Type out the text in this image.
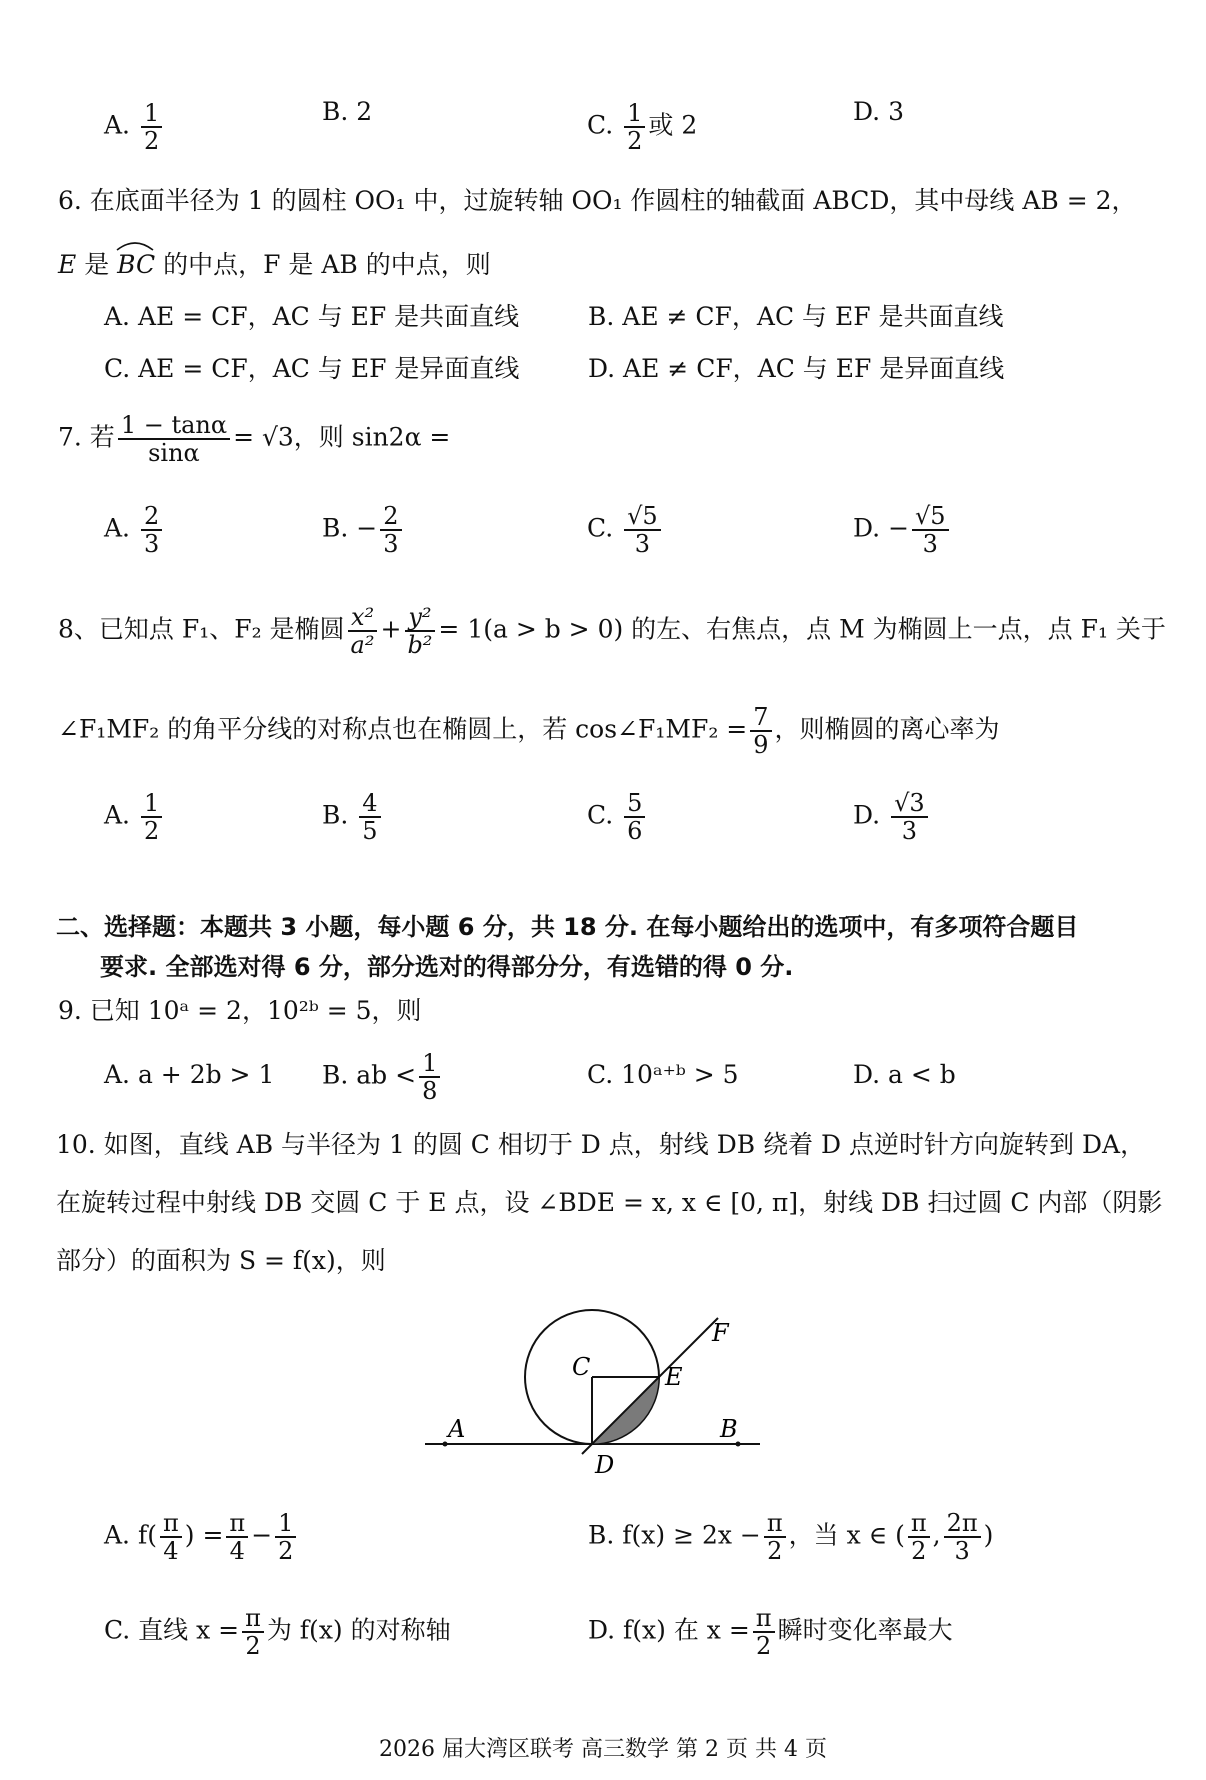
A. $\frac{1}{2}$	B. 2	C. $\frac{1}{2}$ 或 2	D. 3
6. 在底面半径为 1 的圆柱 OO₁ 中，过旋转轴 OO₁ 作圆柱的轴截面 ABCD，其中母线 AB = 2，
E 是 BC 的中点，F 是 AB 的中点，则
A. AE = CF，AC 与 EF 是共面直线	B. AE ≠ CF，AC 与 EF 是共面直线
C. AE = CF，AC 与 EF 是异面直线	D. AE ≠ CF，AC 与 EF 是异面直线
7. 若 $\frac{1 - \tan\alpha}{\sin\alpha} = √3$，则 sin2α =
A. $\frac{2}{3}$	B. − $\frac{2}{3}$	C. $\frac{√5}{3}$	D. − $\frac{√5}{3}$
8、已知点 F₁、F₂ 是椭圆 $\frac{\text{x²}}{\text{a²}} + \frac{\text{y²}}{\text{b²}} = 1(a > b > 0)$ 的左、右焦点，点 M 为椭圆上一点，点 F₁ 关于
∠F₁MF₂ 的角平分线的对称点也在椭圆上，若 cos∠F₁MF₂ = $\frac{7}{9}$ ，则椭圆的离心率为
A. $\frac{1}{2}$	B. $\frac{4}{5}$	C. $\frac{5}{6}$	D. $\frac{√3}{3}$
二、选择题：本题共 3 小题，每小题 6 分，共 18 分. 在每小题给出的选项中，有多项符合题目
要求. 全部选对得 6 分，部分选对的得部分分，有选错的得 0 分.
9. 已知 10ᵃ = 2，10²ᵇ = 5，则
A. a + 2b > 1 B. ab < $\frac{1}{8}$	C. 10ᵃ⁺ᵇ > 5	D. a < b
10. 如图，直线 AB 与半径为 1 的圆 C 相切于 D 点，射线 DB 绕着 D 点逆时针方向旋转到 DA，
在旋转过程中射线 DB 交圆 C 于 E 点，设 ∠BDE = x, x ∈ [0, π]，射线 DB 扫过圆 C 内部（阴影
部分）的面积为 S = f(x)，则
A	B
C
D
E
F
A. $f( \frac{\pi}{4}$ ) = $\frac{\pi}{4} - \frac{1}{2}$	B. $f(x) \ge 2x - \frac{\pi}{2}$ ，当 x ∈ ( $\frac{\pi}{2}$ , $\frac{2\pi}{3}$ )
C. 直线 $x = \frac{\pi}{2}$ 为 f(x) 的对称轴	D. f(x) 在 $x = \frac{\pi}{2}$ 瞬时变化率最大
2026 届大湾区联考 高三数学 第 2 页 共 4 页
